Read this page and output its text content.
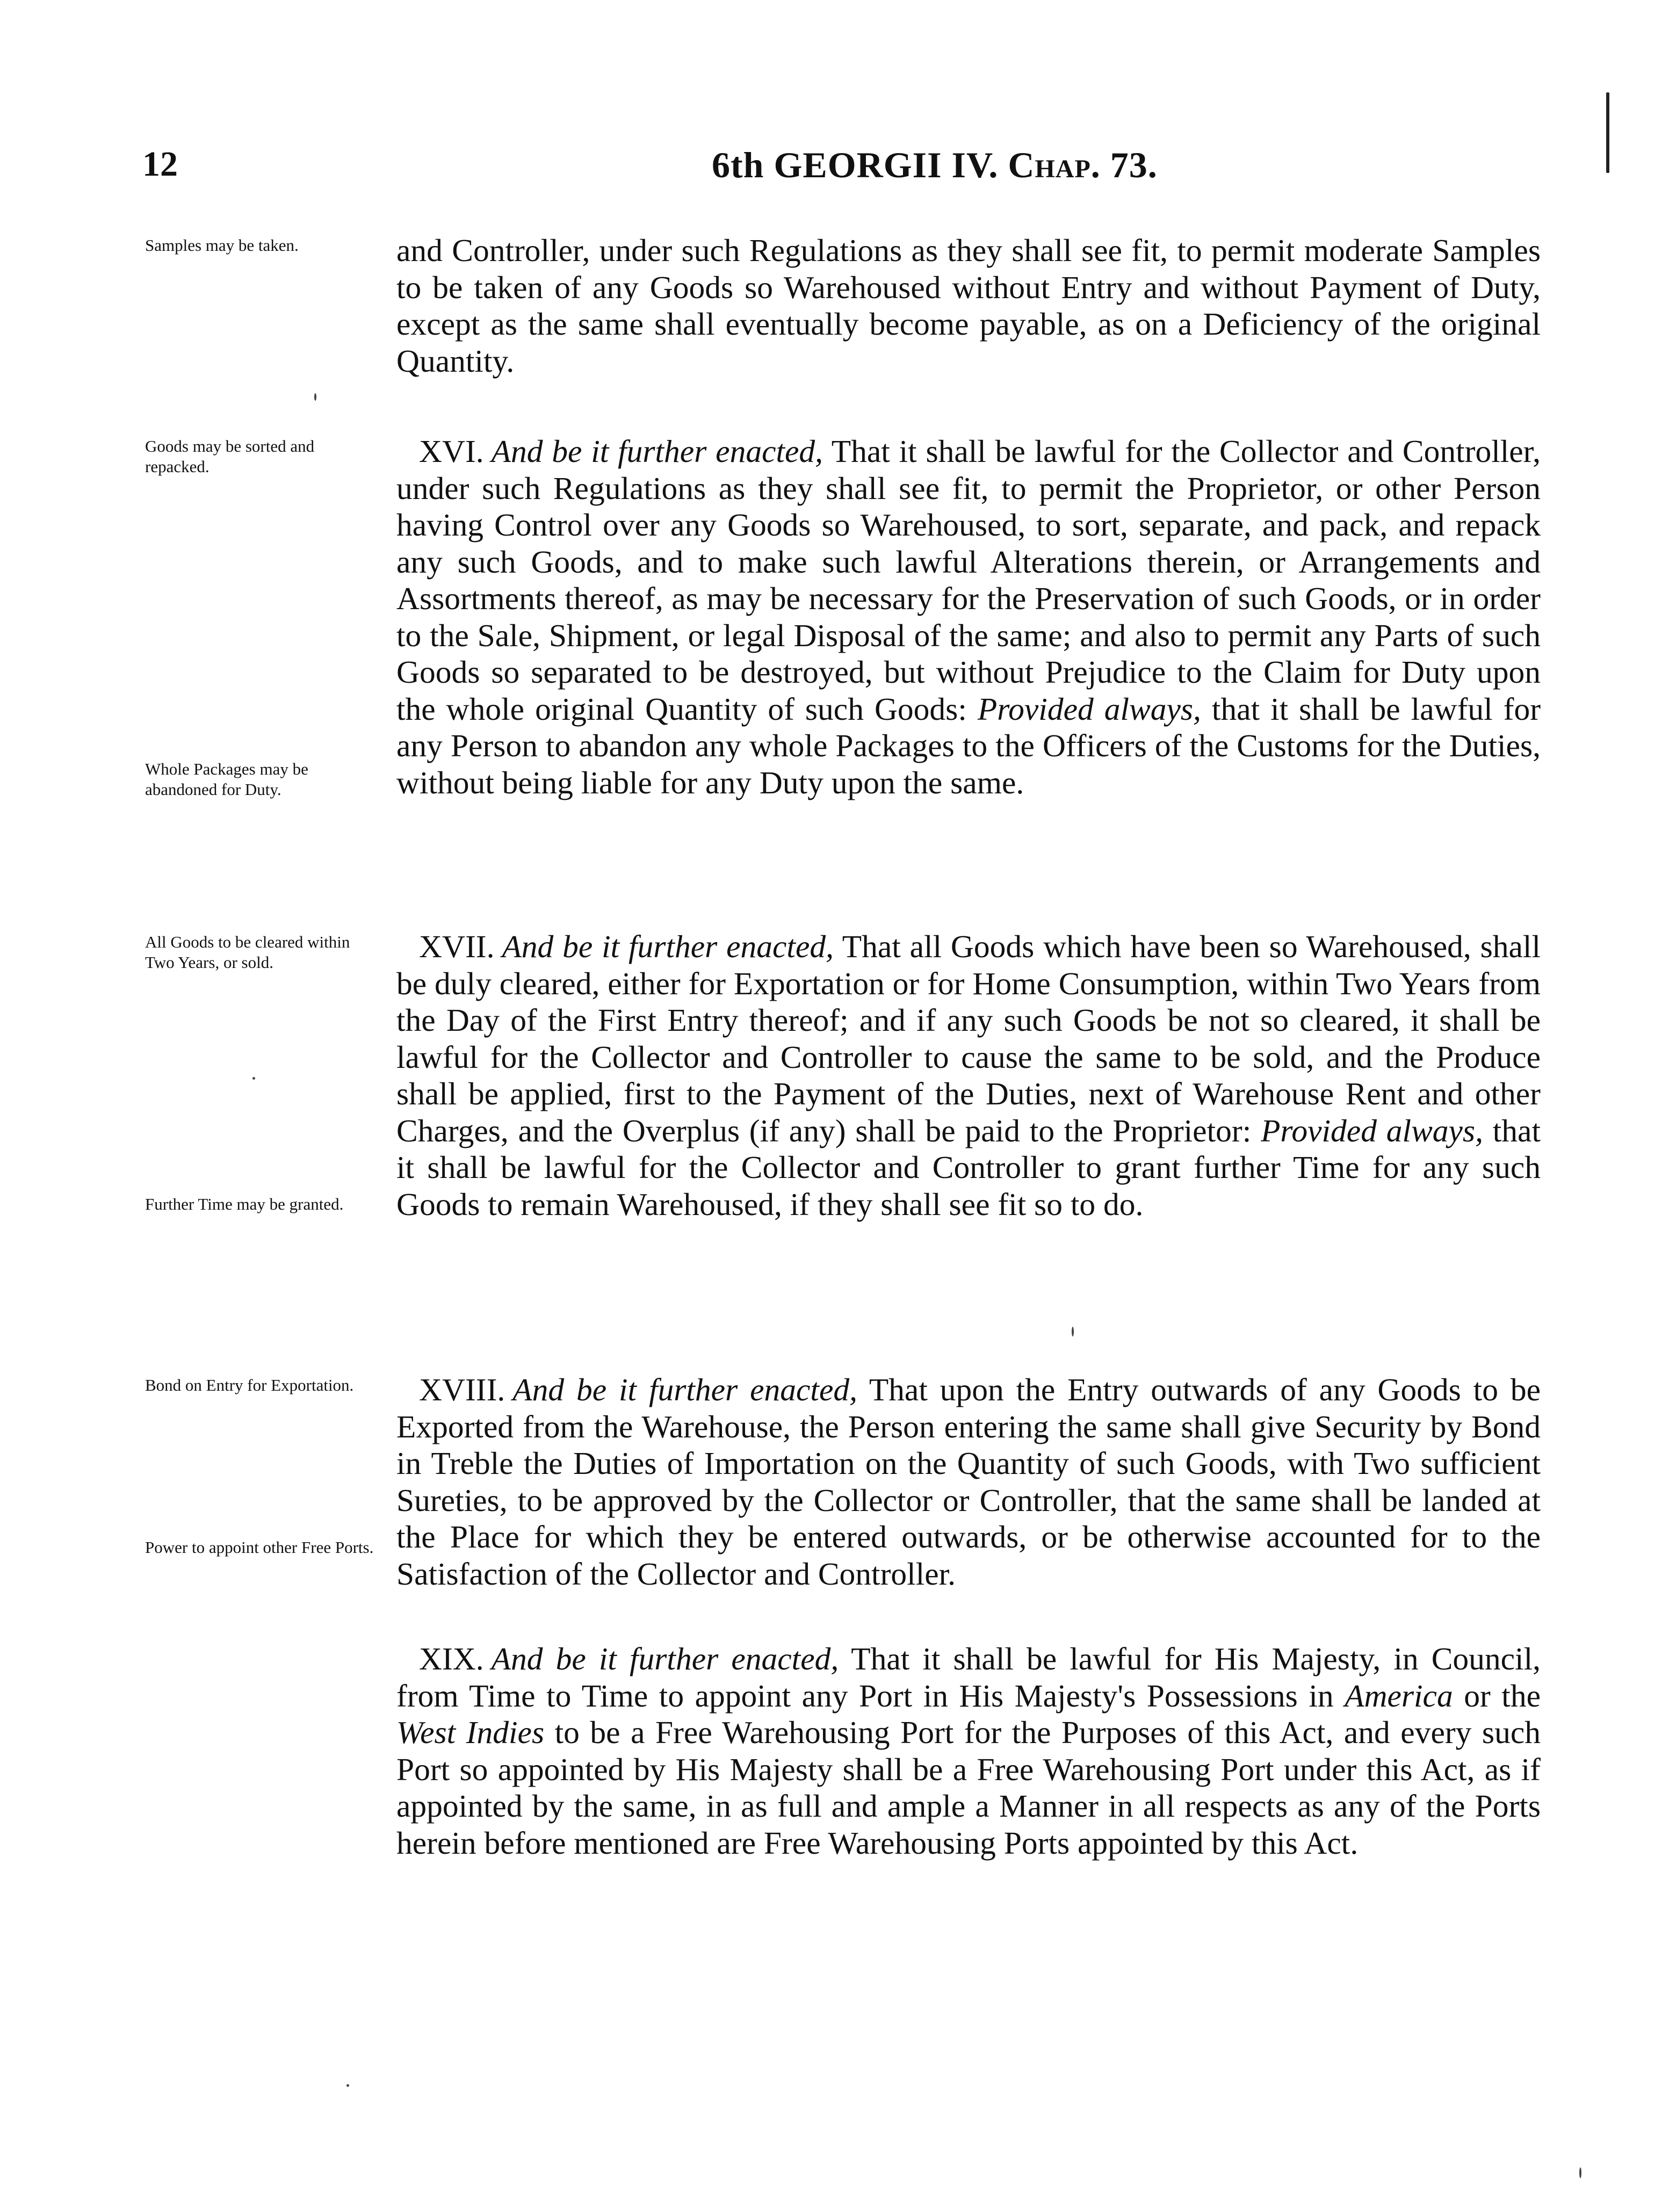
12	6th GEORGII IV. Chap. 73.
Samples may be taken.
Goods may be sorted and repacked.
Whole Packages may be abandoned for Duty.
All Goods to be cleared within Two Years, or sold.
Further Time may be granted.
Bond on Entry for Exportation.
Power to appoint other Free Ports.
and Controller, under such Regulations as they shall see fit, to permit moderate Samples to be taken of any Goods so Warehoused without Entry and without Payment of Duty, except as the same shall eventually become payable, as on a Deficiency of the original Quantity.
XVI. And be it further enacted, That it shall be lawful for the Collector and Controller, under such Regulations as they shall see fit, to permit the Proprietor, or other Person having Control over any Goods so Warehoused, to sort, separate, and pack, and repack any such Goods, and to make such lawful Alterations therein, or Arrangements and Assortments thereof, as may be necessary for the Preservation of such Goods, or in order to the Sale, Shipment, or legal Disposal of the same; and also to permit any Parts of such Goods so separated to be destroyed, but without Prejudice to the Claim for Duty upon the whole original Quantity of such Goods: Provided always, that it shall be lawful for any Person to abandon any whole Packages to the Officers of the Customs for the Duties, without being liable for any Duty upon the same.
XVII. And be it further enacted, That all Goods which have been so Warehoused, shall be duly cleared, either for Exportation or for Home Consumption, within Two Years from the Day of the First Entry thereof; and if any such Goods be not so cleared, it shall be lawful for the Collector and Controller to cause the same to be sold, and the Produce shall be applied, first to the Payment of the Duties, next of Warehouse Rent and other Charges, and the Overplus (if any) shall be paid to the Proprietor: Provided always, that it shall be lawful for the Collector and Controller to grant further Time for any such Goods to remain Warehoused, if they shall see fit so to do.
XVIII. And be it further enacted, That upon the Entry outwards of any Goods to be Exported from the Warehouse, the Person entering the same shall give Security by Bond in Treble the Duties of Importation on the Quantity of such Goods, with Two sufficient Sureties, to be approved by the Collector or Controller, that the same shall be landed at the Place for which they be entered outwards, or be otherwise accounted for to the Satisfaction of the Collector and Controller.
XIX. And be it further enacted, That it shall be lawful for His Majesty, in Council, from Time to Time to appoint any Port in His Majesty's Possessions in America or the West Indies to be a Free Warehousing Port for the Purposes of this Act, and every such Port so appointed by His Majesty shall be a Free Warehousing Port under this Act, as if appointed by the same, in as full and ample a Manner in all respects as any of the Ports herein before mentioned are Free Warehousing Ports appointed by this Act.
